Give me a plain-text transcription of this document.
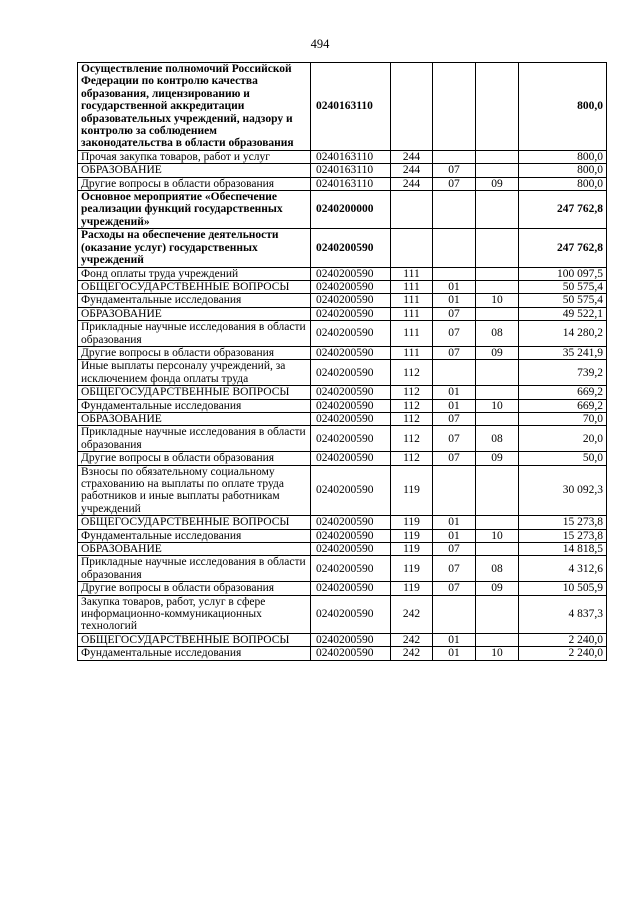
494
Осуществление полномочий Российской Федерации по контролю качества образования, лицензированию и государственной аккредитации образовательных учреждений, надзору и контролю за соблюдением законодательства в области образования	0240163110				800,0
Прочая закупка товаров, работ и услуг	0240163110	244			800,0
ОБРАЗОВАНИЕ	0240163110	244	07		800,0
Другие вопросы в области образования	0240163110	244	07	09	800,0
Основное мероприятие «Обеспечение реализации функций государственных учреждений»	0240200000				247 762,8
Расходы на обеспечение деятельности (оказание услуг) государственных учреждений	0240200590				247 762,8
Фонд оплаты труда учреждений	0240200590	111			100 097,5
ОБЩЕГОСУДАРСТВЕННЫЕ ВОПРОСЫ	0240200590	111	01		50 575,4
Фундаментальные исследования	0240200590	111	01	10	50 575,4
ОБРАЗОВАНИЕ	0240200590	111	07		49 522,1
Прикладные научные исследования в области образования	0240200590	111	07	08	14 280,2
Другие вопросы в области образования	0240200590	111	07	09	35 241,9
Иные выплаты персоналу учреждений, за исключением фонда оплаты труда	0240200590	112			739,2
ОБЩЕГОСУДАРСТВЕННЫЕ ВОПРОСЫ	0240200590	112	01		669,2
Фундаментальные исследования	0240200590	112	01	10	669,2
ОБРАЗОВАНИЕ	0240200590	112	07		70,0
Прикладные научные исследования в области образования	0240200590	112	07	08	20,0
Другие вопросы в области образования	0240200590	112	07	09	50,0
Взносы по обязательному социальному страхованию на выплаты по оплате труда работников и иные выплаты работникам учреждений	0240200590	119			30 092,3
ОБЩЕГОСУДАРСТВЕННЫЕ ВОПРОСЫ	0240200590	119	01		15 273,8
Фундаментальные исследования	0240200590	119	01	10	15 273,8
ОБРАЗОВАНИЕ	0240200590	119	07		14 818,5
Прикладные научные исследования в области образования	0240200590	119	07	08	4 312,6
Другие вопросы в области образования	0240200590	119	07	09	10 505,9
Закупка товаров, работ, услуг в сфере информационно-коммуникационных технологий	0240200590	242			4 837,3
ОБЩЕГОСУДАРСТВЕННЫЕ ВОПРОСЫ	0240200590	242	01		2 240,0
Фундаментальные исследования	0240200590	242	01	10	2 240,0
